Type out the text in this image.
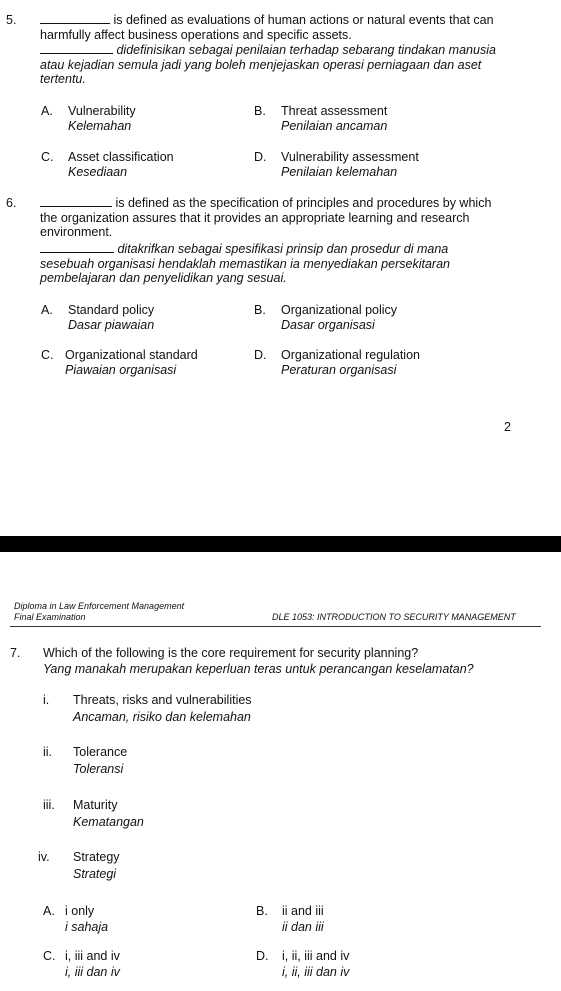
5.	is defined as evaluations of human actions or natural events that can
harmfully affect business operations and specific assets.
didefinisikan sebagai penilaian terhadap sebarang tindakan manusia
atau kejadian semula jadi yang boleh menjejaskan operasi perniagaan dan aset
tertentu.
A. Vulnerability
Kelemahan
B. Threat assessment
Penilaian ancaman
C. Asset classification
Kesediaan
D. Vulnerability assessment
Penilaian kelemahan
6.	is defined as the specification of principles and procedures by which
the organization assures that it provides an appropriate learning and research
environment.
ditakrifkan sebagai spesifikasi prinsip dan prosedur di mana
sesebuah organisasi hendaklah memastikan ia menyediakan persekitaran
pembelajaran dan penyelidikan yang sesuai.
A. Standard policy
Dasar piawaian
B. Organizational policy
Dasar organisasi
C. Organizational standard
Piawaian organisasi
D. Organizational regulation
Peraturan organisasi
2
Diploma in Law Enforcement Management
Final Examination	DLE 1053: INTRODUCTION TO SECURITY MANAGEMENT
7. Which of the following is the core requirement for security planning?
Yang manakah merupakan keperluan teras untuk perancangan keselamatan?
i. Threats, risks and vulnerabilities
Ancaman, risiko dan kelemahan
ii. Tolerance
Toleransi
iii. Maturity
Kematangan
iv. Strategy
Strategi
A. i only
i sahaja
B. ii and iii
ii dan iii
C. i, iii and iv
i, iii dan iv
D. i, ii, iii and iv
i, ii, iii dan iv
